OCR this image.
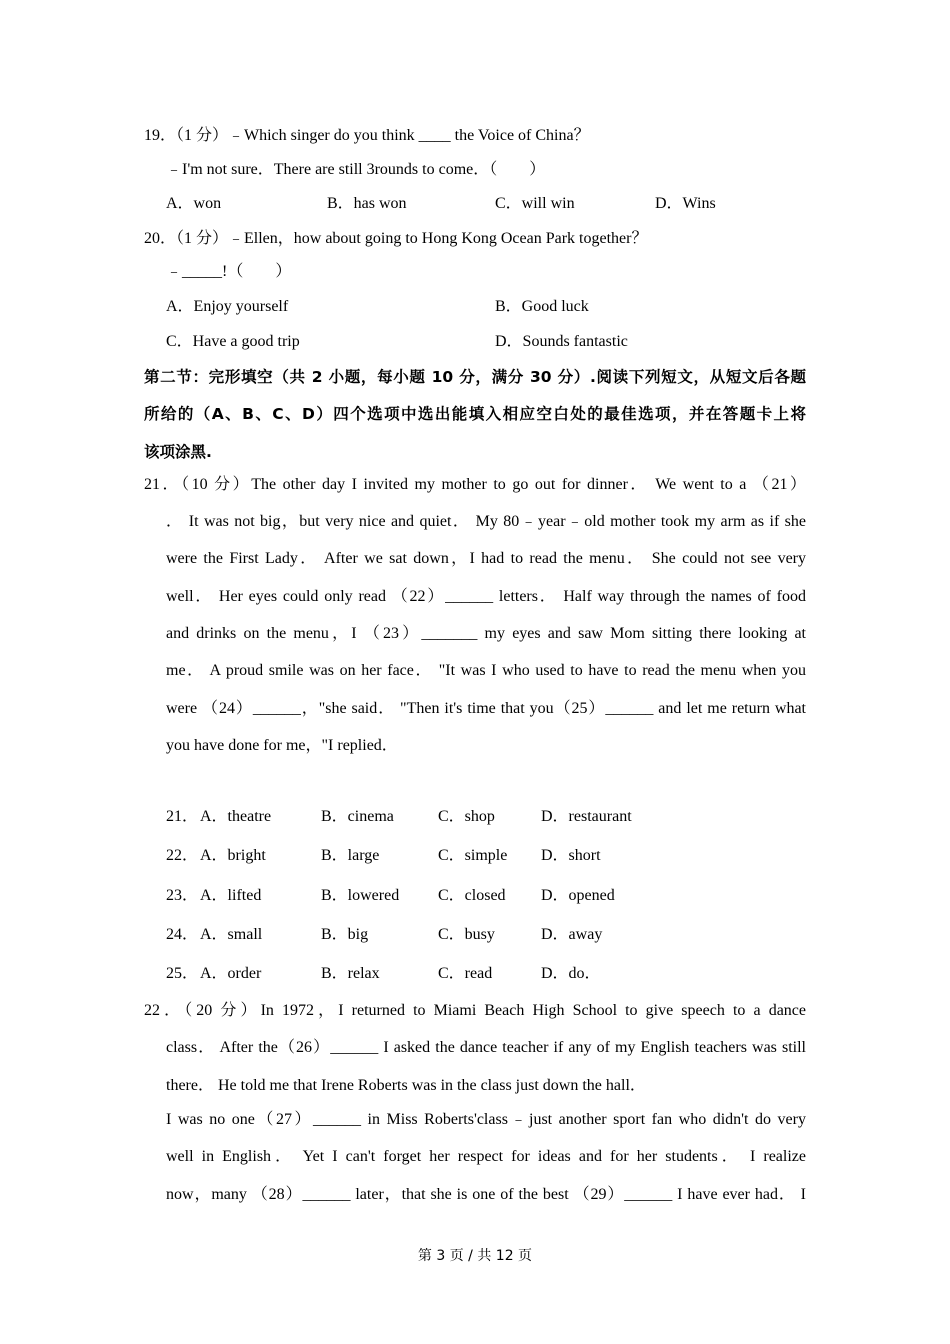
19．（1 分）﹣Which singer do you think ____ the Voice of China？
﹣I'm not sure．There are still 3rounds to come．（　　）
A．won	B．has won	C．will win	D．Wins
20．（1 分）﹣Ellen，how about going to Hong Kong Ocean Park together？
﹣_____!（　　）
A．Enjoy yourself	B．Good luck
C．Have a good trip	D．Sounds fantastic
第二节：完形填空（共 2 小题，每小题 10 分，满分 30 分）.阅读下列短文，从短文后各题
所给的（A、B、C、D）四个选项中选出能填入相应空白处的最佳选项，并在答题卡上将
该项涂黑.
21．（10 分）The other day I invited my mother to go out for dinner． We went to a （21）
． It was not big，but very nice and quiet． My 80﹣year﹣old mother took my arm as if she
were the First Lady． After we sat down，I had to read the menu． She could not see very
well． Her eyes could only read （22）______ letters． Half way through the names of food
and drinks on the menu，I （23）_______ my eyes and saw Mom sitting there looking at
me． A proud smile was on her face． "It was I who used to have to read the menu when you
were （24）______，"she said． "Then it's time that you（25）______ and let me return what
you have done for me，"I replied．
21． A．theatre	B．cinema	C．shop	D．restaurant
22． A．bright	B．large	C．simple D．short
23． A．lifted	B．lowered C．closed D．opened
24． A．small	B．big	C．busy	D．away
25． A．order	B．relax	C．read	D．do．
22．（20 分）In 1972，I returned to Miami Beach High School to give speech to a dance
class． After the（26）______ I asked the dance teacher if any of my English teachers was still
there． He told me that Irene Roberts was in the class just down the hall．
I was no one（27）______ in Miss Roberts'class﹣just another sport fan who didn't do very
well in English． Yet I can't forget her respect for ideas and for her students． I realize
now，many （28）______ later，that she is one of the best （29）______ I have ever had． I
第 3 页 / 共 12 页
